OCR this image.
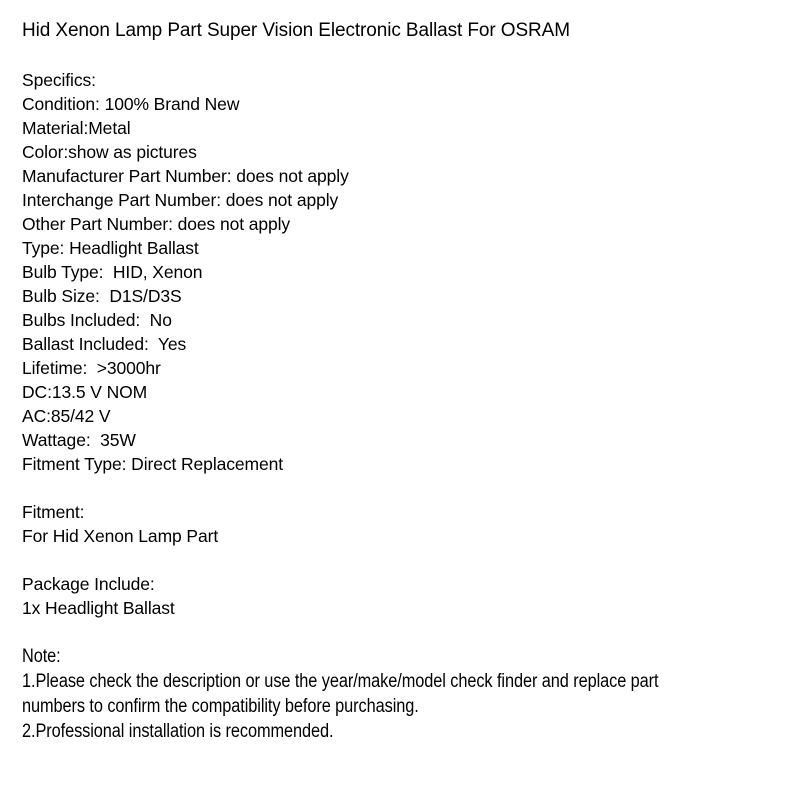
Hid Xenon Lamp Part Super Vision Electronic Ballast For OSRAM
Specifics:
Condition: 100% Brand New
Material:Metal
Color:show as pictures
Manufacturer Part Number: does not apply
Interchange Part Number: does not apply
Other Part Number: does not apply
Type: Headlight Ballast
Bulb Type:  HID, Xenon
Bulb Size:  D1S/D3S
Bulbs Included:  No
Ballast Included:  Yes
Lifetime:  >3000hr
DC:13.5 V NOM
AC:85/42 V
Wattage:  35W
Fitment Type: Direct Replacement
Fitment:
For Hid Xenon Lamp Part
Package Include:
1x Headlight Ballast
Note:
1.Please check the description or use the year/make/model check finder and replace part
numbers to confirm the compatibility before purchasing.
2.Professional installation is recommended.
